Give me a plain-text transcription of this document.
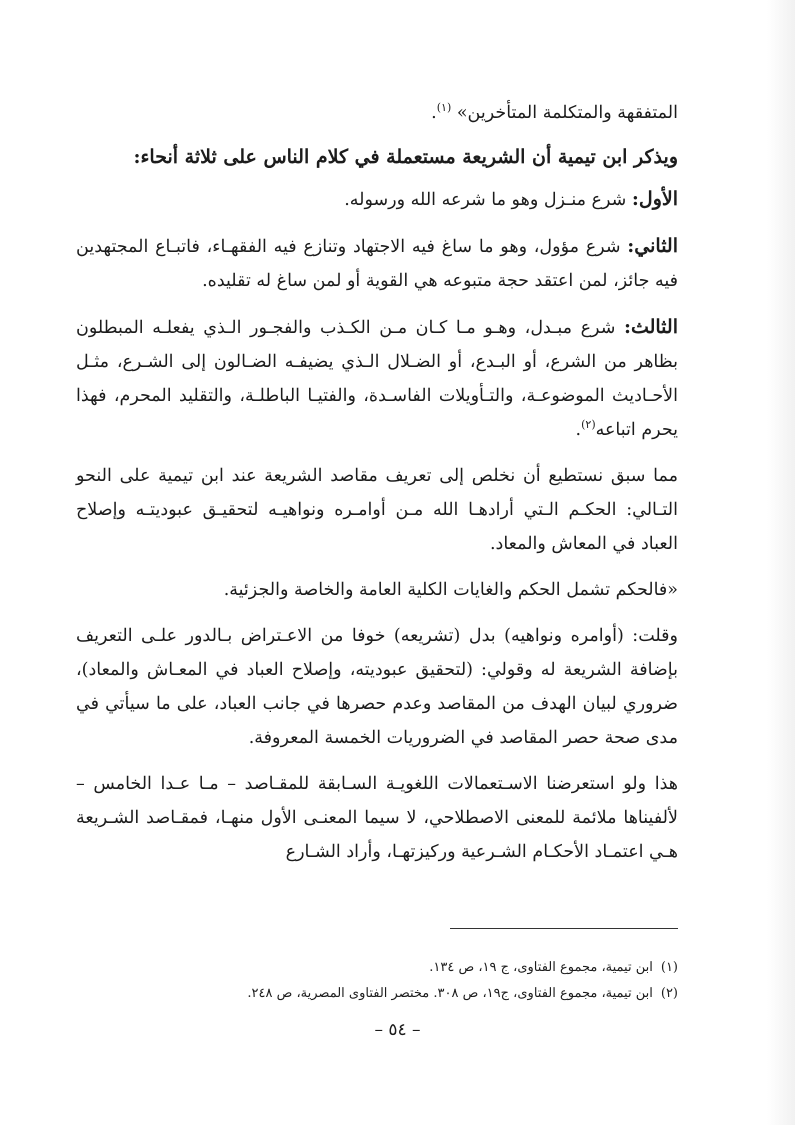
المتفقهة والمتكلمة المتأخرين» $^{(١)}$.

ويذكر ابن تيمية أن الشريعة مستعملة في كلام الناس على ثلاثة أنحاء:

الأول: شرع منـزل وهو ما شرعه الله ورسوله.

الثاني: شرع مؤول، وهو ما ساغ فيه الاجتهاد وتنازع فيه الفقهـاء، فاتبـاع المجتهدين فيه جائز، لمن اعتقد حجة متبوعه هي القوية أو لمن ساغ له تقليده.

الثالث: شرع مبـدل، وهـو مـا كـان مـن الكـذب والفجـور الـذي يفعلـه المبطلون بظاهر من الشرع، أو البـدع، أو الضـلال الـذي يضيفـه الضـالون إلى الشـرع، مثـل الأحـاديث الموضوعـة، والتـأويلات الفاسـدة، والفتيـا الباطلـة، والتقليد المحرم، فهذا يحرم اتباعه$^{(٢)}$.

مما سبق نستطيع أن نخلص إلى تعريف مقاصد الشريعة عند ابن تيمية على النحو التـالي: الحكـم الـتي أرادهـا الله مـن أوامـره ونواهيـه لتحقيـق عبوديتـه وإصلاح العباد في المعاش والمعاد.

«فالحكم تشمل الحكم والغايات الكلية العامة والخاصة والجزئية.

وقلت: (أوامره ونواهيه) بدل (تشريعه) خوفا من الاعـتراض بـالدور علـى التعريف بإضافة الشريعة له وقولي: (لتحقيق عبوديته، وإصلاح العباد في المعـاش والمعاد)، ضروري لبيان الهدف من المقاصد وعدم حصرها في جانب العباد، على ما سيأتي في مدى صحة حصر المقاصد في الضروريات الخمسة المعروفة.

هذا ولو استعرضنا الاسـتعمالات اللغويـة السـابقة للمقـاصد – مـا عـدا الخامس – لألفيناها ملائمة للمعنى الاصطلاحي، لا سيما المعنـى الأول منهـا، فمقـاصد الشـريعة هـي اعتمـاد الأحكـام الشـرعية وركيزتهـا، وأراد الشـارع

(١)ابن تيمية، مجموع الفتاوى، ج ١٩، ص ١٣٤.

(٢)ابن تيمية، مجموع الفتاوى، ج١٩، ص ٣٠٨. مختصر الفتاوى المصرية، ص ٢٤٨.

– ٥٤ –
